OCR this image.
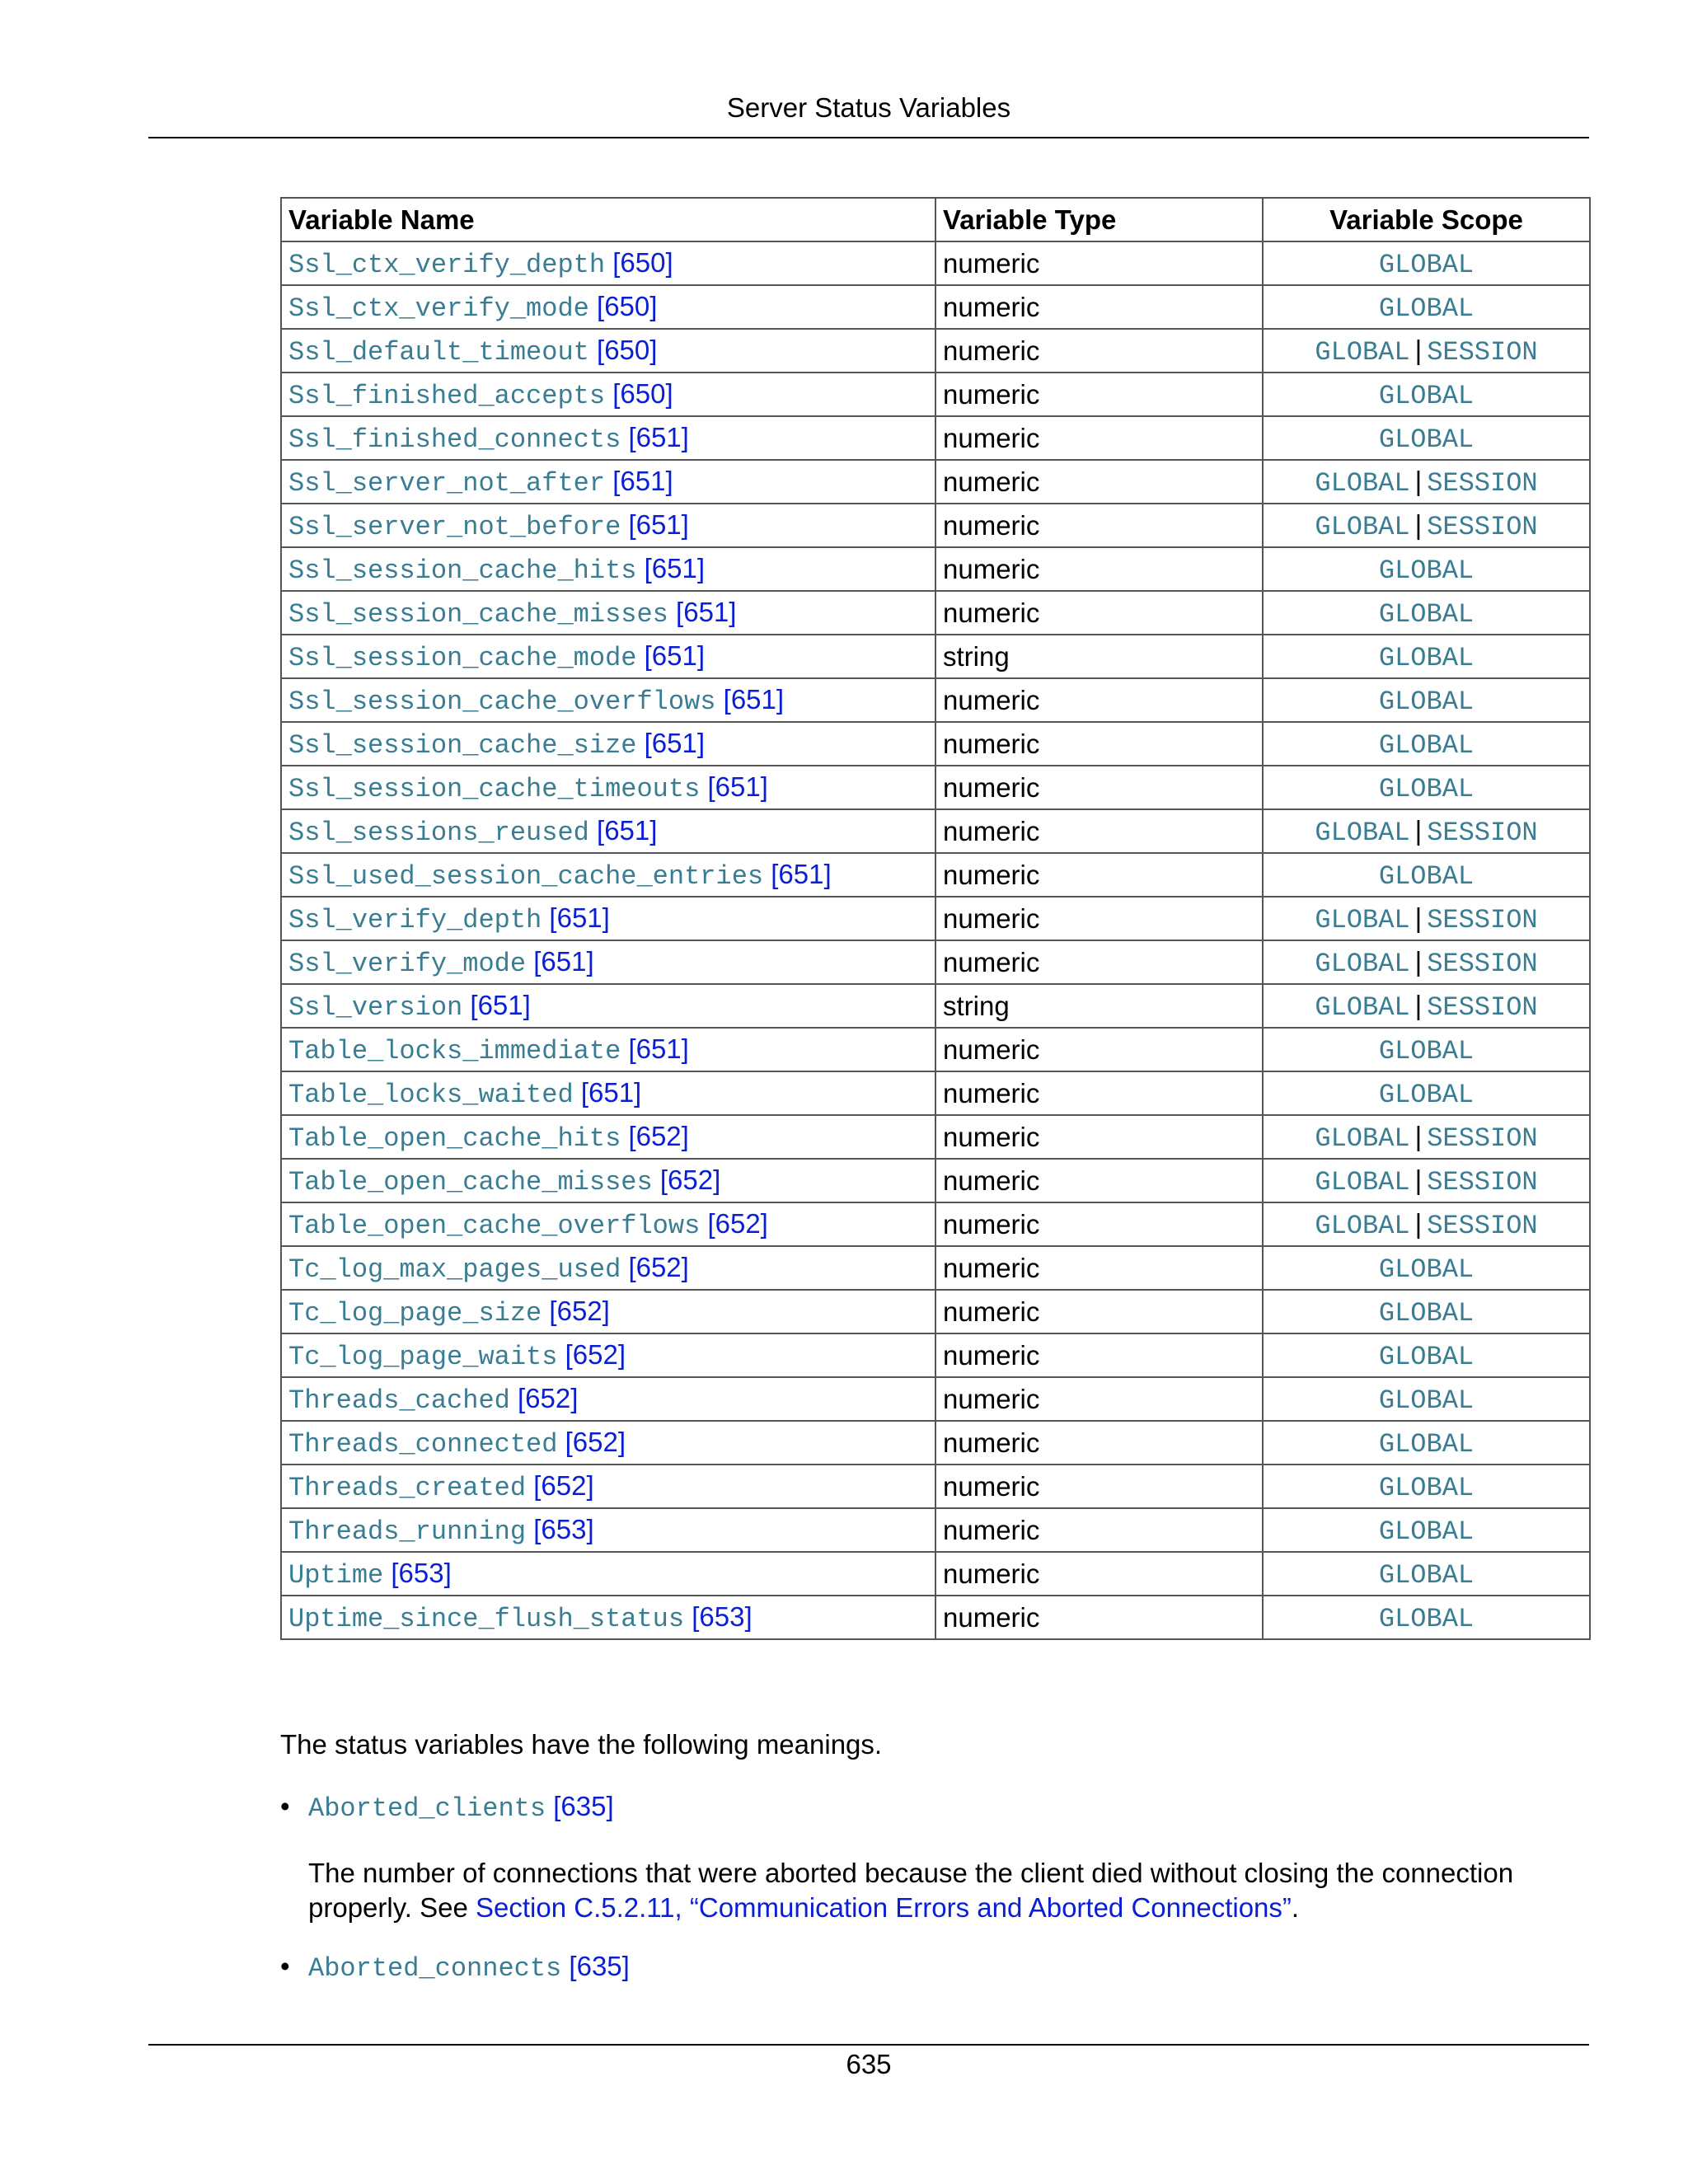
Server Status Variables
Variable Name	Variable Type	Variable Scope
Ssl_ctx_verify_depth [650]	numeric	GLOBAL
Ssl_ctx_verify_mode [650]	numeric	GLOBAL
Ssl_default_timeout [650]	numeric	GLOBAL | SESSION
Ssl_finished_accepts [650]	numeric	GLOBAL
Ssl_finished_connects [651]	numeric	GLOBAL
Ssl_server_not_after [651]	numeric	GLOBAL | SESSION
Ssl_server_not_before [651]	numeric	GLOBAL | SESSION
Ssl_session_cache_hits [651]	numeric	GLOBAL
Ssl_session_cache_misses [651]	numeric	GLOBAL
Ssl_session_cache_mode [651]	string	GLOBAL
Ssl_session_cache_overflows [651]	numeric	GLOBAL
Ssl_session_cache_size [651]	numeric	GLOBAL
Ssl_session_cache_timeouts [651]	numeric	GLOBAL
Ssl_sessions_reused [651]	numeric	GLOBAL | SESSION
Ssl_used_session_cache_entries [651]	numeric	GLOBAL
Ssl_verify_depth [651]	numeric	GLOBAL | SESSION
Ssl_verify_mode [651]	numeric	GLOBAL | SESSION
Ssl_version [651]	string	GLOBAL | SESSION
Table_locks_immediate [651]	numeric	GLOBAL
Table_locks_waited [651]	numeric	GLOBAL
Table_open_cache_hits [652]	numeric	GLOBAL | SESSION
Table_open_cache_misses [652]	numeric	GLOBAL | SESSION
Table_open_cache_overflows [652]	numeric	GLOBAL | SESSION
Tc_log_max_pages_used [652]	numeric	GLOBAL
Tc_log_page_size [652]	numeric	GLOBAL
Tc_log_page_waits [652]	numeric	GLOBAL
Threads_cached [652]	numeric	GLOBAL
Threads_connected [652]	numeric	GLOBAL
Threads_created [652]	numeric	GLOBAL
Threads_running [653]	numeric	GLOBAL
Uptime [653]	numeric	GLOBAL
Uptime_since_flush_status [653]	numeric	GLOBAL
The status variables have the following meanings.
• Aborted_clients [635]
The number of connections that were aborted because the client died without closing the connection properly. See Section C.5.2.11, “Communication Errors and Aborted Connections”.
• Aborted_connects [635]
635
